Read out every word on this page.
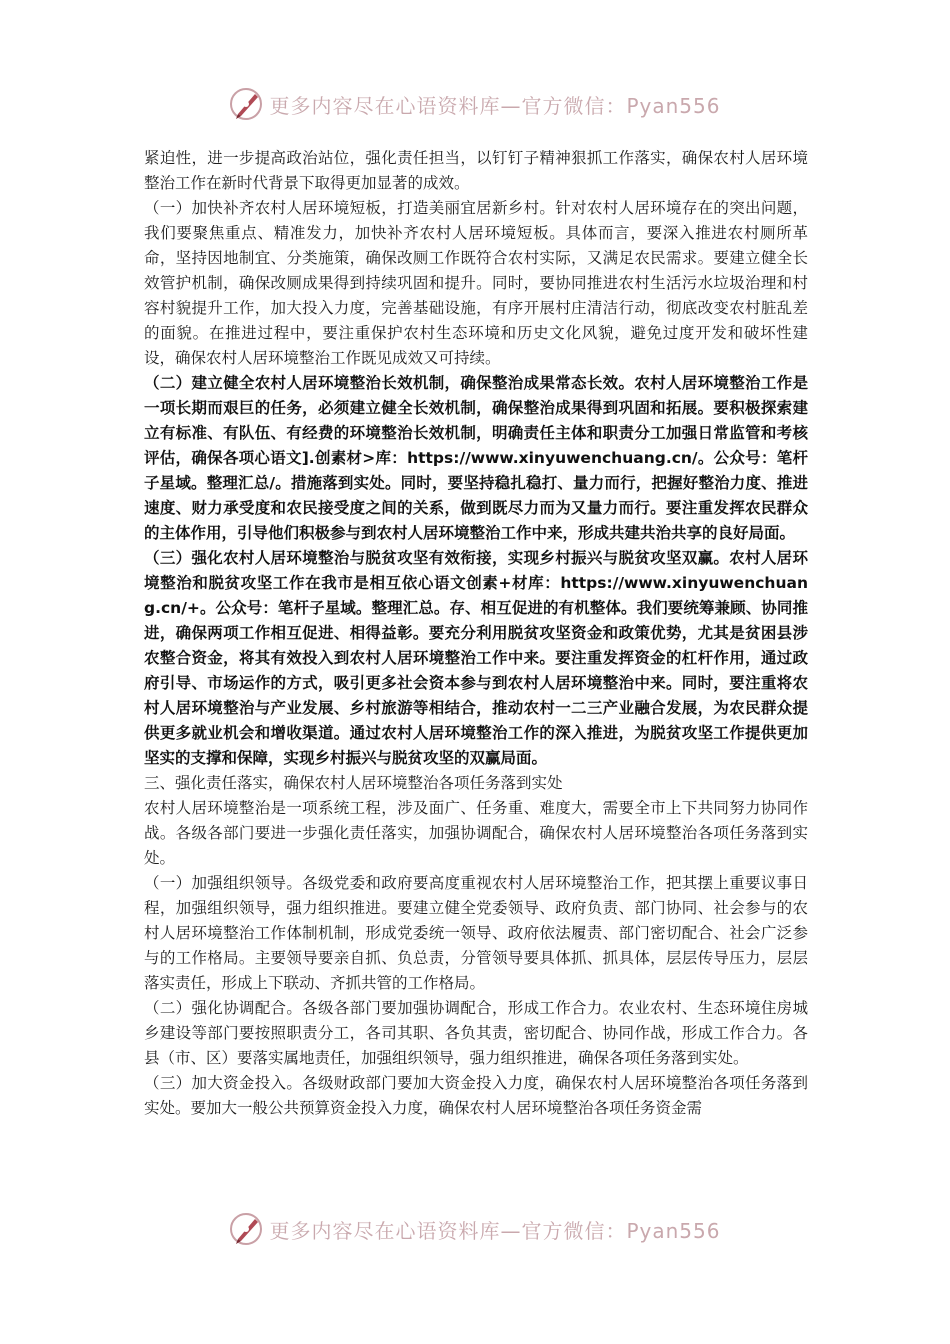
更多内容尽在心语资料库—官方微信：Pyan556

紧迫性，进一步提高政治站位，强化责任担当，以钉钉子精神狠抓工作落实，确保农村人居环境整治工作在新时代背景下取得更加显著的成效。

（一）加快补齐农村人居环境短板，打造美丽宜居新乡村。针对农村人居环境存在的突出问题，我们要聚焦重点、精准发力，加快补齐农村人居环境短板。具体而言，要深入推进农村厕所革命，坚持因地制宜、分类施策，确保改厕工作既符合农村实际，又满足农民需求。要建立健全长效管护机制，确保改厕成果得到持续巩固和提升。同时，要协同推进农村生活污水垃圾治理和村容村貌提升工作，加大投入力度，完善基础设施，有序开展村庄清洁行动，彻底改变农村脏乱差的面貌。在推进过程中，要注重保护农村生态环境和历史文化风貌，避免过度开发和破坏性建设，确保农村人居环境整治工作既见成效又可持续。

（二）建立健全农村人居环境整治长效机制，确保整治成果常态长效。农村人居环境整治工作是一项长期而艰巨的任务，必须建立健全长效机制，确保整治成果得到巩固和拓展。要积极探索建立有标准、有队伍、有经费的环境整治长效机制，明确责任主体和职责分工加强日常监管和考核评估，确保各项心语文].创素材>库：https://www.xinyuwenchuang.cn/。公众号：笔杆子星域。整理汇总/。措施落到实处。同时，要坚持稳扎稳打、量力而行，把握好整治力度、推进速度、财力承受度和农民接受度之间的关系，做到既尽力而为又量力而行。要注重发挥农民群众的主体作用，引导他们积极参与到农村人居环境整治工作中来，形成共建共治共享的良好局面。

（三）强化农村人居环境整治与脱贫攻坚有效衔接，实现乡村振兴与脱贫攻坚双赢。农村人居环境整治和脱贫攻坚工作在我市是相互依心语文创素+材库：https://www.xinyuwenchuang.cn/+。公众号：笔杆子星域。整理汇总。存、相互促进的有机整体。我们要统筹兼顾、协同推进，确保两项工作相互促进、相得益彰。要充分利用脱贫攻坚资金和政策优势，尤其是贫困县涉农整合资金，将其有效投入到农村人居环境整治工作中来。要注重发挥资金的杠杆作用，通过政府引导、市场运作的方式，吸引更多社会资本参与到农村人居环境整治中来。同时，要注重将农村人居环境整治与产业发展、乡村旅游等相结合，推动农村一二三产业融合发展，为农民群众提供更多就业机会和增收渠道。通过农村人居环境整治工作的深入推进，为脱贫攻坚工作提供更加坚实的支撑和保障，实现乡村振兴与脱贫攻坚的双赢局面。

三、强化责任落实，确保农村人居环境整治各项任务落到实处

农村人居环境整治是一项系统工程，涉及面广、任务重、难度大，需要全市上下共同努力协同作战。各级各部门要进一步强化责任落实，加强协调配合，确保农村人居环境整治各项任务落到实处。

（一）加强组织领导。各级党委和政府要高度重视农村人居环境整治工作，把其摆上重要议事日程，加强组织领导，强力组织推进。要建立健全党委领导、政府负责、部门协同、社会参与的农村人居环境整治工作体制机制，形成党委统一领导、政府依法履责、部门密切配合、社会广泛参与的工作格局。主要领导要亲自抓、负总责，分管领导要具体抓、抓具体，层层传导压力，层层落实责任，形成上下联动、齐抓共管的工作格局。

（二）强化协调配合。各级各部门要加强协调配合，形成工作合力。农业农村、生态环境住房城乡建设等部门要按照职责分工，各司其职、各负其责，密切配合、协同作战，形成工作合力。各县（市、区）要落实属地责任，加强组织领导，强力组织推进，确保各项任务落到实处。

（三）加大资金投入。各级财政部门要加大资金投入力度，确保农村人居环境整治各项任务落到实处。要加大一般公共预算资金投入力度，确保农村人居环境整治各项任务资金需

更多内容尽在心语资料库—官方微信：Pyan556
